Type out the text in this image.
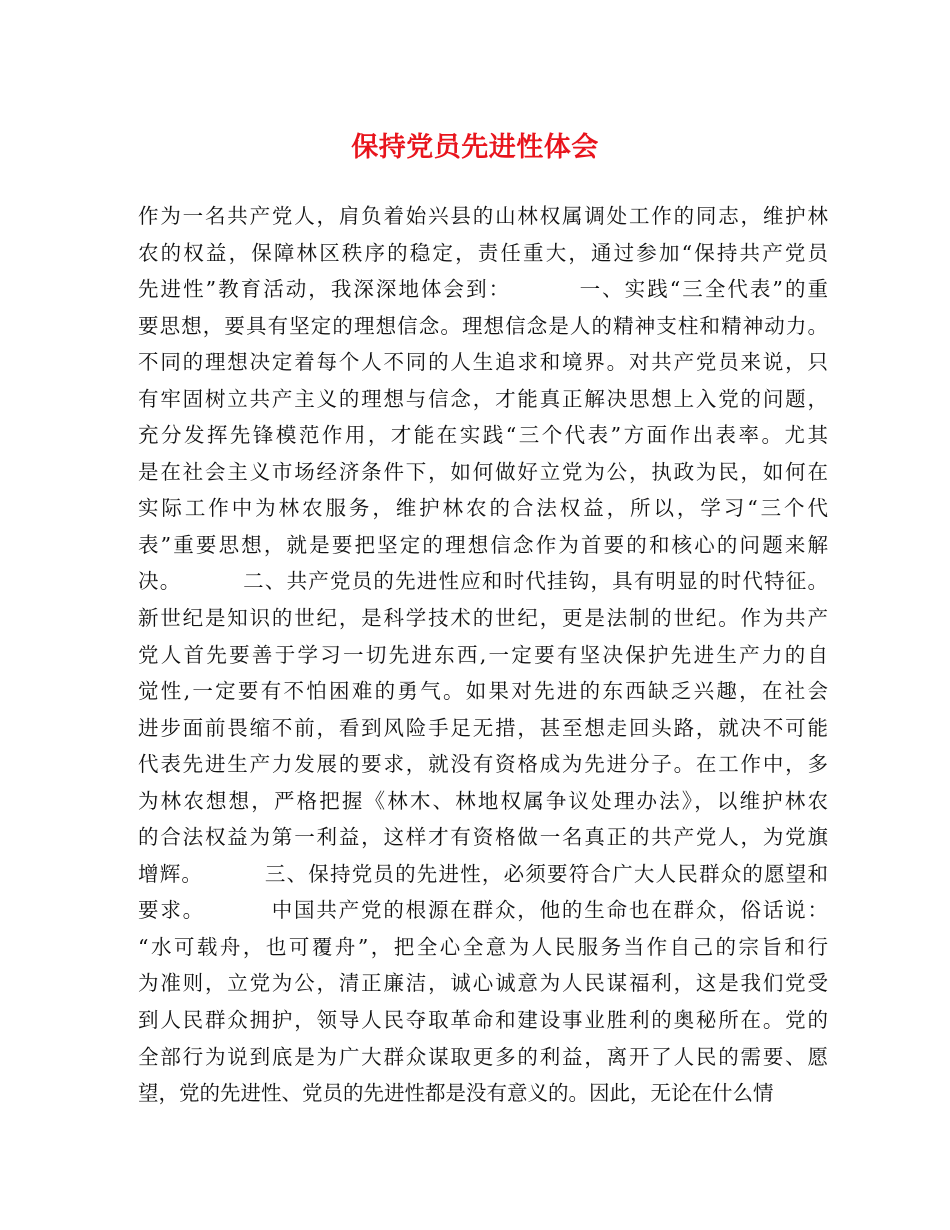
保持党员先进性体会
作为一名共产党人，肩负着始兴县的山林权属调处工作的同志，维护林
农的权益，保障林区秩序的稳定，责任重大，通过参加“保持共产党员
先进性”教育活动，我深深地体会到：        一、实践“三全代表”的重
要思想，要具有坚定的理想信念。理想信念是人的精神支柱和精神动力。
不同的理想决定着每个人不同的人生追求和境界。对共产党员来说，只
有牢固树立共产主义的理想与信念，才能真正解决思想上入党的问题，
充分发挥先锋模范作用，才能在实践“三个代表”方面作出表率。尤其
是在社会主义市场经济条件下，如何做好立党为公，执政为民，如何在
实际工作中为林农服务，维护林农的合法权益，所以，学习“三个代
表”重要思想，就是要把坚定的理想信念作为首要的和核心的问题来解
决。        二、共产党员的先进性应和时代挂钩，具有明显的时代特征。
新世纪是知识的世纪，是科学技术的世纪，更是法制的世纪。作为共产
党人首先要善于学习一切先进东西,一定要有坚决保护先进生产力的自
觉性,一定要有不怕困难的勇气。如果对先进的东西缺乏兴趣，在社会
进步面前畏缩不前，看到风险手足无措，甚至想走回头路，就决不可能
代表先进生产力发展的要求，就没有资格成为先进分子。在工作中，多
为林农想想，严格把握《林木、林地权属争议处理办法》，以维护林农
的合法权益为第一利益，这样才有资格做一名真正的共产党人，为党旗
增辉。        三、保持党员的先进性，必须要符合广大人民群众的愿望和
要求。        中国共产党的根源在群众，他的生命也在群众，俗话说：
“水可载舟，也可覆舟”，把全心全意为人民服务当作自己的宗旨和行
为准则，立党为公，清正廉洁，诚心诚意为人民谋福利，这是我们党受
到人民群众拥护，领导人民夺取革命和建设事业胜利的奥秘所在。党的
全部行为说到底是为广大群众谋取更多的利益，离开了人民的需要、愿
望，党的先进性、党员的先进性都是没有意义的。因此，无论在什么情
